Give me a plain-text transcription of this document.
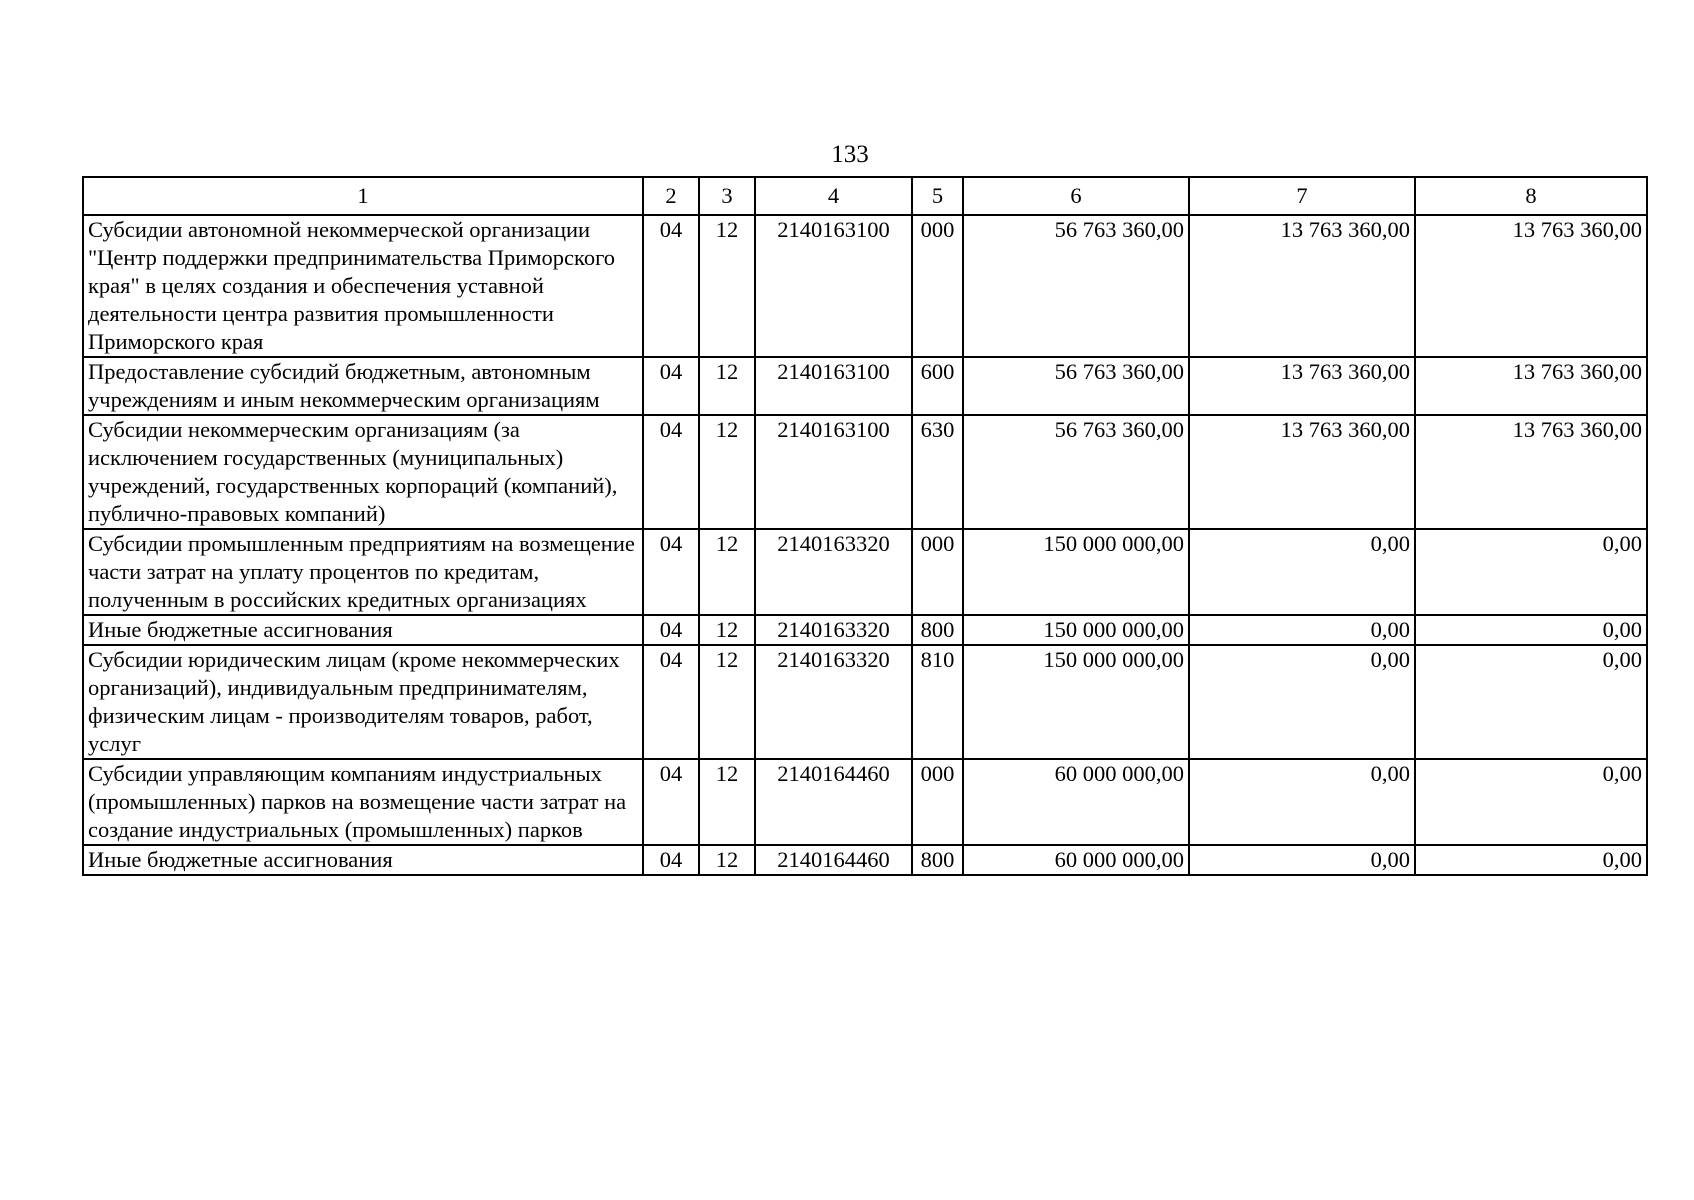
133
1	2	3	4	5	6	7	8
Субсидии автономной некоммерческой организации "Центр поддержки предпринимательства Приморского края" в целях создания и обеспечения уставной деятельности центра развития промышленности Приморского края	04	12	2140163100	000	56 763 360,00	13 763 360,00	13 763 360,00
Предоставление субсидий бюджетным, автономным учреждениям и иным некоммерческим организациям	04	12	2140163100	600	56 763 360,00	13 763 360,00	13 763 360,00
Субсидии некоммерческим организациям (за исключением государственных (муниципальных) учреждений, государственных корпораций (компаний), публично-правовых компаний)	04	12	2140163100	630	56 763 360,00	13 763 360,00	13 763 360,00
Субсидии промышленным предприятиям на возмещение части затрат на уплату процентов по кредитам, полученным в российских кредитных организациях	04	12	2140163320	000	150 000 000,00	0,00	0,00
Иные бюджетные ассигнования	04	12	2140163320	800	150 000 000,00	0,00	0,00
Субсидии юридическим лицам (кроме некоммерческих организаций), индивидуальным предпринимателям, физическим лицам - производителям товаров, работ, услуг	04	12	2140163320	810	150 000 000,00	0,00	0,00
Субсидии управляющим компаниям индустриальных (промышленных) парков на возмещение части затрат на создание индустриальных (промышленных) парков	04	12	2140164460	000	60 000 000,00	0,00	0,00
Иные бюджетные ассигнования	04	12	2140164460	800	60 000 000,00	0,00	0,00
